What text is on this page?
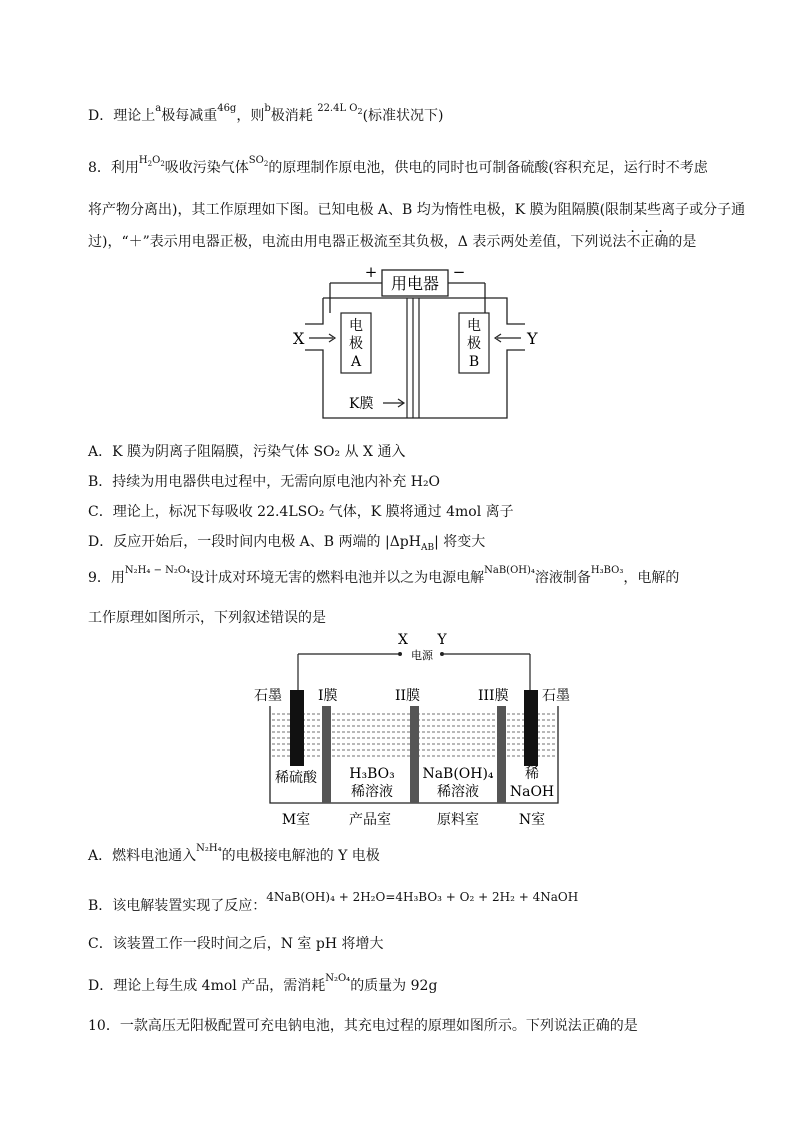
D．理论上$^a$极每减重$^{46g}$，则$^b$极消耗 $^{22.4L O_2}$(标准状况下)
8．利用$^{H_2O_2}$吸收污染气体$^{SO_2}$的原理制作原电池，供电的同时也可制备硫酸(容积充足，运行时不考虑
将产物分离出)，其工作原理如下图。已知电极 A、B 均为惰性电极，K 膜为阻隔膜(限制某些离子或分子通
过)，“＋”表示用电器正极，电流由用电器正极流至其负极，Δ 表示两处差值，下列说法不正确的是
用电器
+	−
X	Y
电
极
A
电
极
B
K膜
A．K 膜为阴离子阻隔膜，污染气体 SO₂ 从 X 通入
B．持续为用电器供电过程中，无需向原电池内补充 H₂O
C．理论上，标况下每吸收 22.4LSO₂ 气体，K 膜将通过 4mol 离子
D．反应开始后，一段时间内电极 A、B 两端的 |ΔpH$_{AB}$| 将变大
9．用$^{N_2H_4 - N_2O_4}$设计成对环境无害的燃料电池并以之为电源电解$^{NaB(OH)_4}$溶液制备$^{H_3BO_3}$，电解的
工作原理如图所示，下列叙述错误的是
X Y
电源
石墨	I膜	II膜	III膜 石墨
稀硫酸 H₃BO₃
稀溶液
NaB(OH)₄
稀溶液
稀
NaOH
M室	产品室	原料室	N室
A．燃料电池通入$^{N_2H_4}$的电极接电解池的 Y 电极
B．该电解装置实现了反应：4NaB(OH)₄ + 2H₂O=4H₃BO₃ + O₂ + 2H₂ + 4NaOH
C．该装置工作一段时间之后，N 室 pH 将增大
D．理论上每生成 4mol 产品，需消耗$^{N_2O_4}$的质量为 92g
10．一款高压无阳极配置可充电钠电池，其充电过程的原理如图所示。下列说法正确的是
